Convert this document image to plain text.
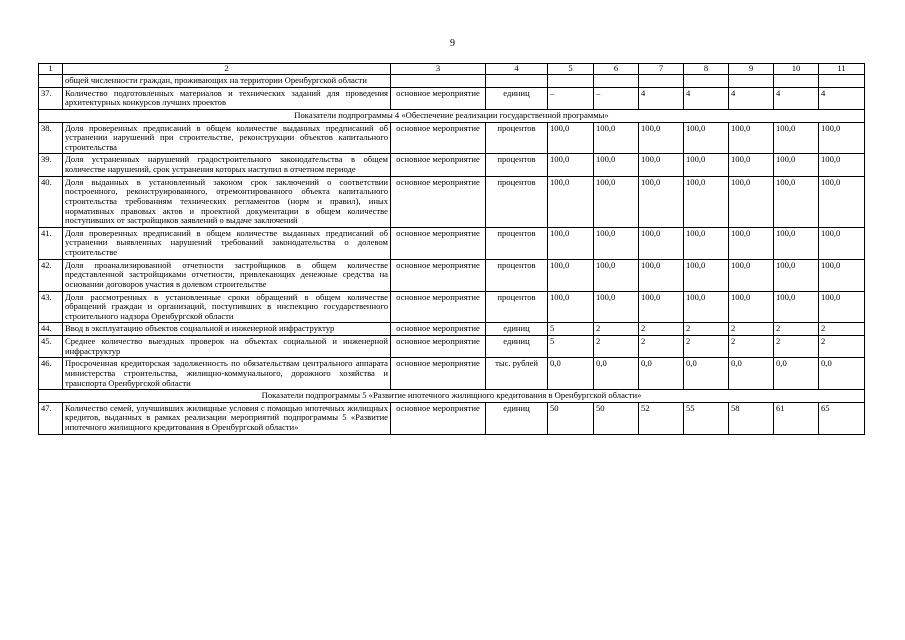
9
1	2	3	4	5	6	7	8	9	10	11
	общей численности граждан, проживающих на территории Оренбургской области									
37.	Количество подготовленных материалов и технических заданий для проведения архитектурных конкурсов лучших проектов	основное мероприятие	единиц	–	–	4	4	4	4	4
Показатели подпрограммы 4 «Обеспечение реализации государственной программы»										
38.	Доля проверенных предписаний в общем количестве выданных предписаний об устранении нарушений при строительстве, реконструкции объектов капитального строительства	основное мероприятие	процентов	100,0	100,0	100,0	100,0	100,0	100,0	100,0
39.	Доля устраненных нарушений градостроительного законодательства в общем количестве нарушений, срок устранения которых наступил в отчетном периоде	основное мероприятие	процентов	100,0	100,0	100,0	100,0	100,0	100,0	100,0
40.	Доля выданных в установленный законом срок заключений о соответствии построенного, реконструированного, отремонтированного объекта капитального строительства требованиям технических регламентов (норм и правил), иных нормативных правовых актов и проектной документации в общем количестве поступивших от застройщиков заявлений о выдаче заключений	основное мероприятие	процентов	100,0	100,0	100,0	100,0	100,0	100,0	100,0
41.	Доля проверенных предписаний в общем количестве выданных предписаний об устранении выявленных нарушений требований законодательства о долевом строительстве	основное мероприятие	процентов	100,0	100,0	100,0	100,0	100,0	100,0	100,0
42.	Доля проанализированной отчетности застройщиков в общем количестве представленной застройщиками отчетности, привлекающих денежные средства на основании договоров участия в долевом строительстве	основное мероприятие	процентов	100,0	100,0	100,0	100,0	100,0	100,0	100,0
43.	Доля рассмотренных в установленные сроки обращений в общем количестве обращений граждан и организаций, поступивших в инспекцию государственного строительного надзора Оренбургской области	основное мероприятие	процентов	100,0	100,0	100,0	100,0	100,0	100,0	100,0
44.	Ввод в эксплуатацию объектов социальной и инженерной инфраструктур	основное мероприятие	единиц	5	2	2	2	2	2	2
45.	Среднее количество выездных проверок на объектах социальной и инженерной инфраструктур	основное мероприятие	единиц	5	2	2	2	2	2	2
46.	Просроченная кредиторская задолженность по обязательствам центрального аппарата министерства строительства, жилищно-коммунального, дорожного хозяйства и транспорта Оренбургской области	основное мероприятие	тыс. рублей	0,0	0,0	0,0	0,0	0,0	0,0	0,0
Показатели подпрограммы 5 «Развитие ипотечного жилищного кредитования в Оренбургской области»										
47.	Количество семей, улучшивших жилищные условия с помощью ипотечных жилищных кредитов, выданных в рамках реализации мероприятий подпрограммы 5 «Развитие ипотечного жилищного кредитования в Оренбургской области»	основное мероприятие	единиц	50	50	52	55	58	61	65
